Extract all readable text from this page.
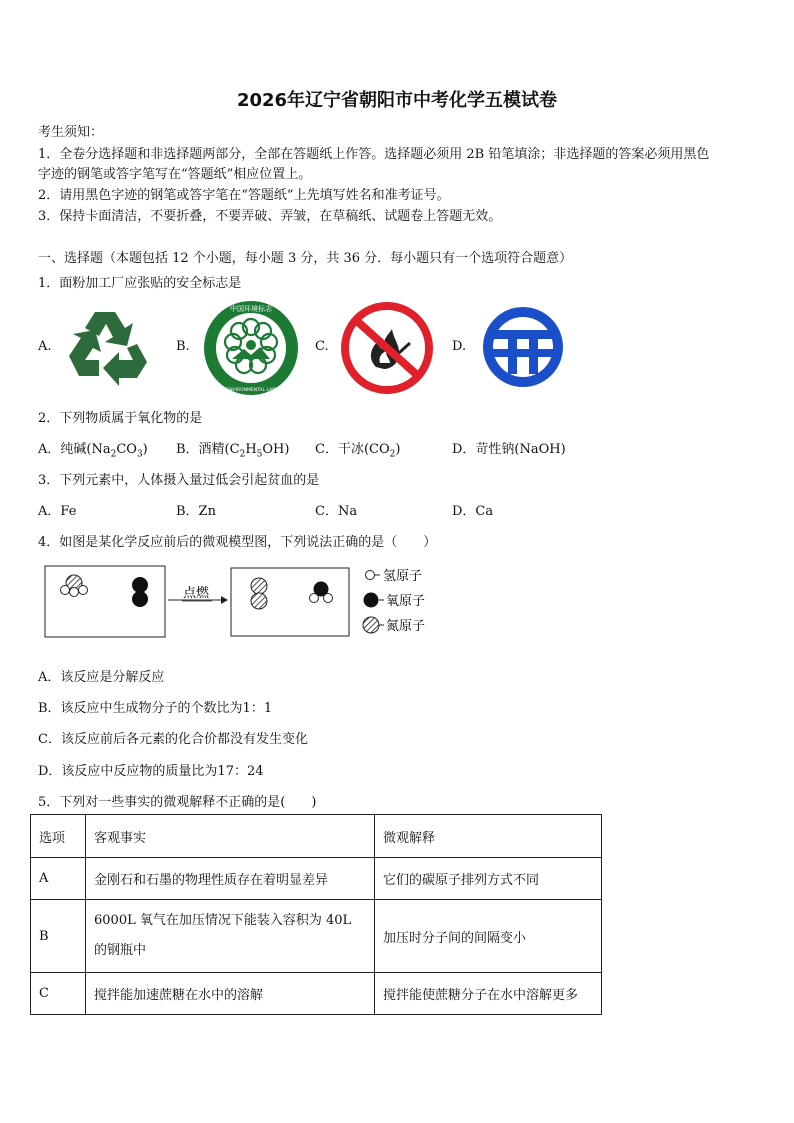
2026年辽宁省朝阳市中考化学五模试卷
考生须知：
1．全卷分选择题和非选择题两部分，全部在答题纸上作答。选择题必须用 2B 铅笔填涂；非选择题的答案必须用黑色
字迹的钢笔或答字笔写在“答题纸”相应位置上。
2．请用黑色字迹的钢笔或答字笔在“答题纸”上先填写姓名和准考证号。
3．保持卡面清洁，不要折叠，不要弄破、弄皱，在草稿纸、试题卷上答题无效。
一、选择题（本题包括 12 个小题，每小题 3 分，共 36 分．每小题只有一个选项符合题意）
1．面粉加工厂应张贴的安全标志是
A.	B.	C.	D.
中国环境标志
CHINA ENVIRONMENTAL LABELLING
2．下列物质属于氧化物的是
A．纯碱$(Na_2CO_3)$ B．酒精$(C_2H_5OH)$ C．干冰$(CO_2)$	D．苛性钠(NaOH)
3．下列元素中，人体摄入量过低会引起贫血的是
A．Fe	B．Zn	C．Na	D．Ca
4．如图是某化学反应前后的微观模型图，下列说法正确的是（　　）
点燃
氢原子
氧原子
氮原子
A．该反应是分解反应
B．该反应中生成物分子的个数比为1：1
C．该反应前后各元素的化合价都没有发生变化
D．该反应中反应物的质量比为17：24
5．下列对一些事实的微观解释不正确的是(　　)
选项	客观事实	微观解释
A	金刚石和石墨的物理性质存在着明显差异	它们的碳原子排列方式不同
B	6000L 氧气在加压情况下能装入容积为 40L 的钢瓶中	加压时分子间的间隔变小
C	搅拌能加速蔗糖在水中的溶解	搅拌能使蔗糖分子在水中溶解更多
